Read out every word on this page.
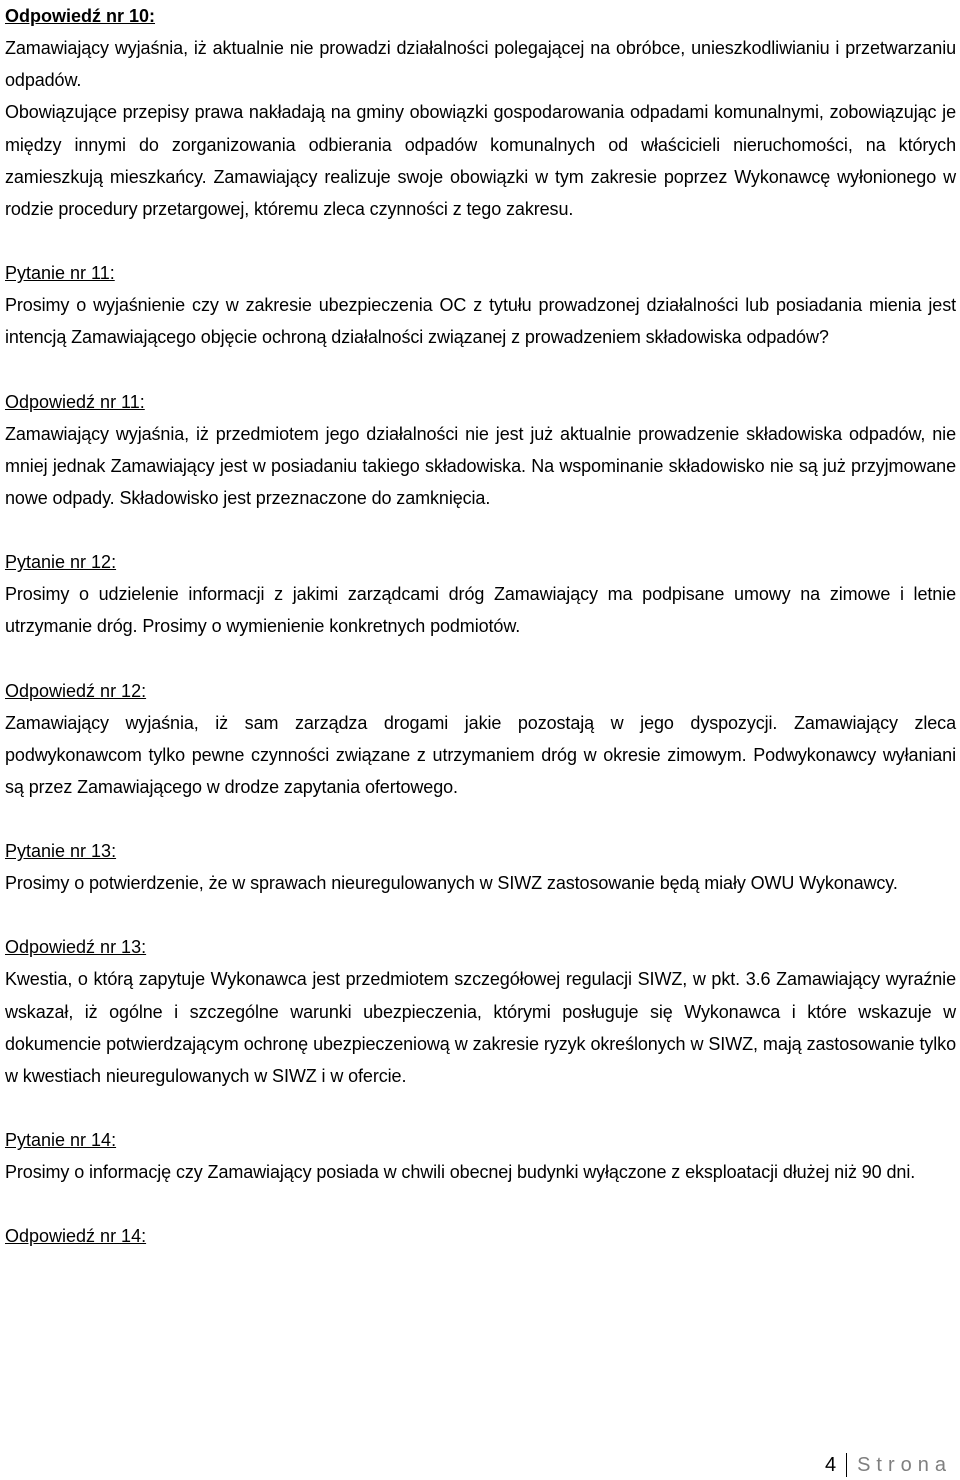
Odpowiedź nr 10:

Zamawiający wyjaśnia, iż aktualnie nie prowadzi działalności polegającej na obróbce, unieszkodliwianiu i przetwarzaniu odpadów.

Obowiązujące przepisy prawa nakładają na gminy obowiązki gospodarowania odpadami komunalnymi, zobowiązując je między innymi do zorganizowania odbierania odpadów komunalnych od właścicieli nieruchomości, na których zamieszkują mieszkańcy. Zamawiający realizuje swoje obowiązki w tym zakresie poprzez Wykonawcę wyłonionego w rodzie procedury przetargowej, któremu zleca czynności z tego zakresu.

Pytanie nr 11:

Prosimy o wyjaśnienie czy w zakresie ubezpieczenia OC z tytułu prowadzonej działalności lub posiadania mienia jest intencją Zamawiającego objęcie ochroną działalności związanej z prowadzeniem składowiska odpadów?

Odpowiedź nr 11:

Zamawiający wyjaśnia, iż przedmiotem jego działalności nie jest już aktualnie prowadzenie składowiska odpadów, nie mniej jednak Zamawiający jest w posiadaniu takiego składowiska. Na wspominanie składowisko nie są już przyjmowane nowe odpady. Składowisko jest przeznaczone do zamknięcia.

Pytanie nr 12:

Prosimy o udzielenie informacji z jakimi zarządcami dróg Zamawiający ma podpisane umowy na zimowe i letnie utrzymanie dróg. Prosimy o wymienienie konkretnych podmiotów.

Odpowiedź nr 12:

Zamawiający wyjaśnia, iż sam zarządza drogami jakie pozostają w jego dyspozycji. Zamawiający zleca podwykonawcom tylko pewne czynności związane z utrzymaniem dróg w okresie zimowym. Podwykonawcy wyłaniani są przez Zamawiającego w drodze zapytania ofertowego.

Pytanie nr 13:

Prosimy o potwierdzenie, że w sprawach nieuregulowanych w SIWZ zastosowanie będą miały OWU Wykonawcy.

Odpowiedź nr 13:

Kwestia, o którą zapytuje Wykonawca jest przedmiotem szczegółowej regulacji SIWZ, w pkt. 3.6 Zamawiający wyraźnie wskazał, iż ogólne i szczególne warunki ubezpieczenia, którymi posługuje się Wykonawca i które wskazuje w dokumencie potwierdzającym ochronę ubezpieczeniową w zakresie ryzyk określonych w SIWZ, mają zastosowanie tylko w kwestiach nieuregulowanych w SIWZ i w ofercie.

Pytanie nr 14:

Prosimy o informację czy Zamawiający posiada w chwili obecnej budynki wyłączone z eksploatacji dłużej niż 90 dni.

Odpowiedź nr 14:
4 Strona
